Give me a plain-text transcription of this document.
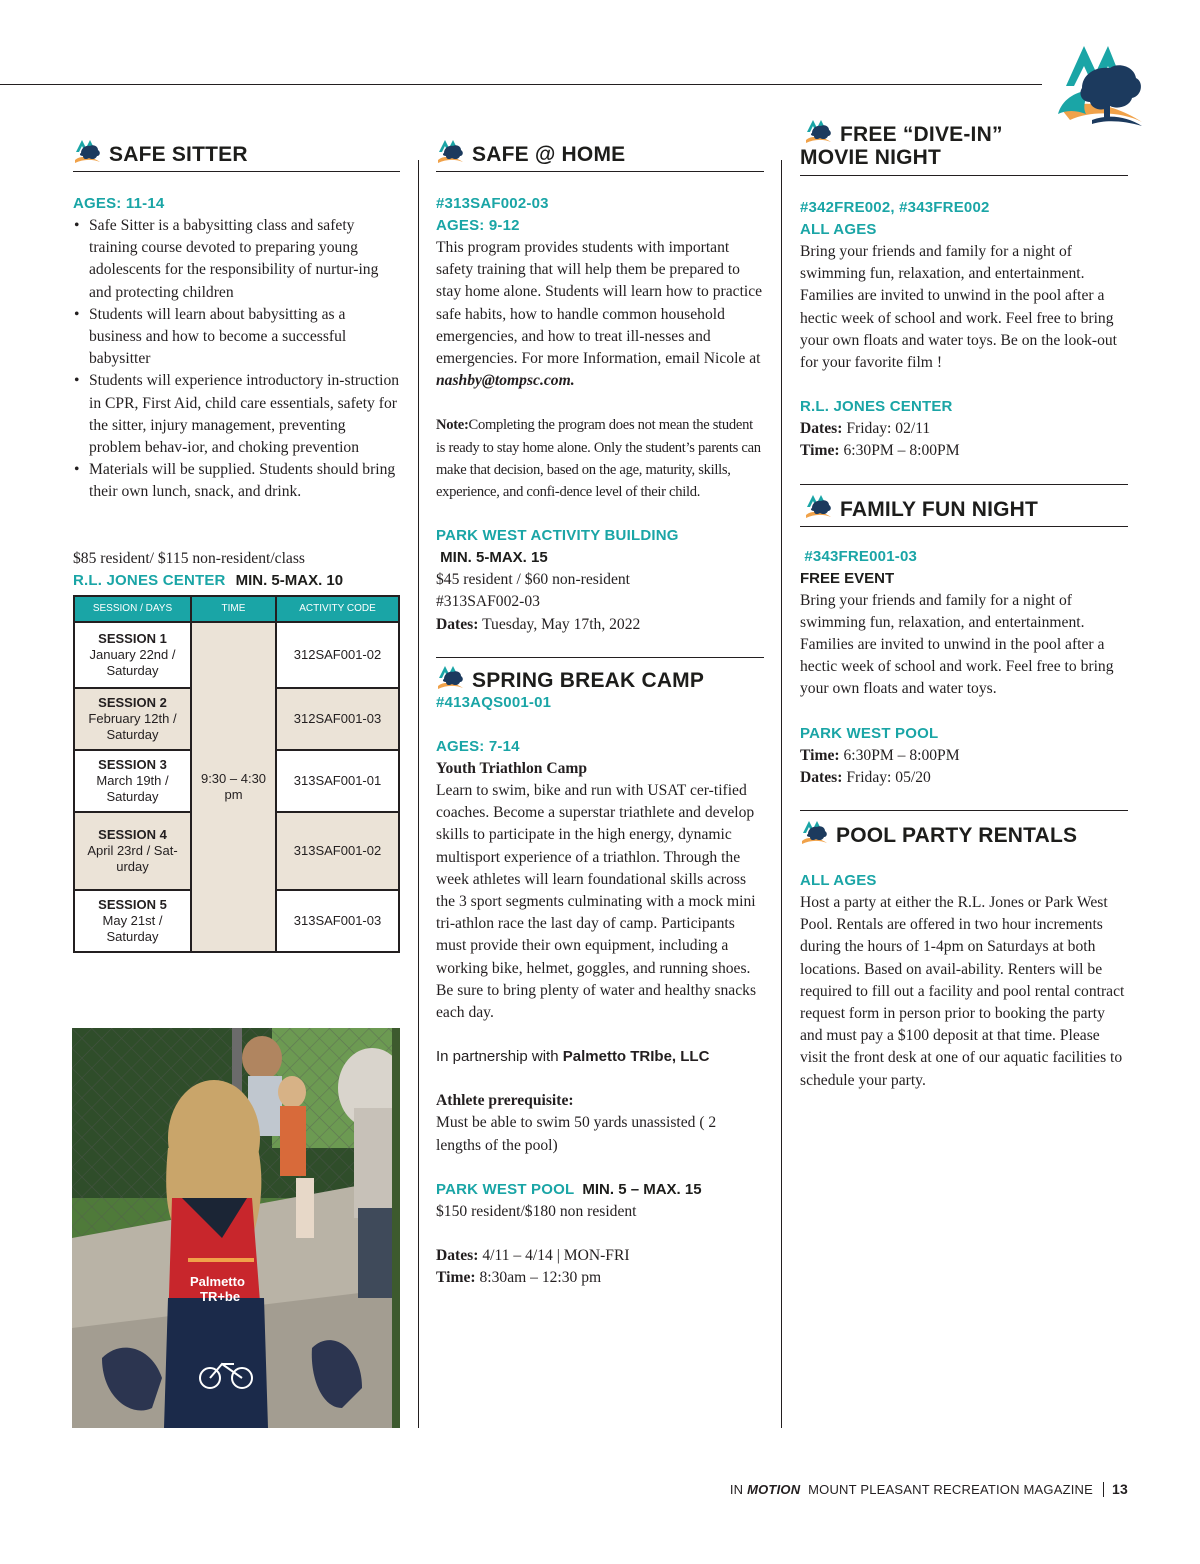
SAFE SITTER
AGES: 11-14
• Safe Sitter is a babysitting class and safety training course devoted to preparing young adolescents for the responsibility of nurtur-ing and protecting children
• Students will learn about babysitting as a business and how to become a successful babysitter
• Students will experience introductory in-struction in CPR, First Aid, child care essentials, safety for the sitter, injury management, preventing problem behav-ior, and choking prevention
• Materials will be supplied. Students should bring their own lunch, snack, and drink.

$85 resident/ $115 non-resident/class

R.L. JONES CENTER MIN. 5-MAX. 10
SESSION / DAYS	TIME	ACTIVITY CODE

SESSION 1
January 22nd / Saturday	9:30 – 4:30 pm	312SAF001-02

SESSION 2
February 12th / Saturday		312SAF001-03

SESSION 3
March 19th / Saturday		313SAF001-01

SESSION 4
April 23rd / Sat-urday		313SAF001-02

SESSION 5
May 21st / Saturday		313SAF001-03
Palmetto
TR+be
SAFE @ HOME
#313SAF002-03
AGES: 9-12

This program provides students with important safety training that will help them be prepared to stay home alone. Students will learn how to practice safe habits, how to handle common household emergencies, and how to treat ill-nesses and emergencies. For more Information, email Nicole at nashby@tompsc.com.

Note:Completing the program does not mean the student is ready to stay home alone. Only the student’s parents can make that decision, based on the age, maturity, skills, experience, and confi-dence level of their child.

PARK WEST ACTIVITY BUILDING
MIN. 5-MAX. 15

$45 resident / $60 non-resident

#313SAF002-03

Dates: Tuesday, May 17th, 2022

SPRING BREAK CAMP
#413AQS001-01
AGES: 7-14

Youth Triathlon Camp

Learn to swim, bike and run with USAT cer-tified coaches. Become a superstar triathlete and develop skills to participate in the high energy, dynamic multisport experience of a triathlon. Through the week athletes will learn foundational skills across the 3 sport segments culminating with a mock mini tri-athlon race the last day of camp. Participants must provide their own equipment, including a working bike, helmet, goggles, and running shoes. Be sure to bring plenty of water and healthy snacks each day.

In partnership with Palmetto TRIbe, LLC

Athlete prerequisite:

Must be able to swim 50 yards unassisted ( 2 lengths of the pool)

PARK WEST POOL MIN. 5 – MAX. 15

$150 resident/$180 non resident

Dates: 4/11 – 4/14 | MON-FRI

Time: 8:30am – 12:30 pm

FREE “DIVE-IN”
MOVIE NIGHT
#342FRE002, #343FRE002
ALL AGES

Bring your friends and family for a night of swimming fun, relaxation, and entertainment. Families are invited to unwind in the pool after a hectic week of school and work. Feel free to bring your own floats and water toys. Be on the look-out for your favorite film !

R.L. JONES CENTER

Dates: Friday: 02/11

Time: 6:30PM – 8:00PM

FAMILY FUN NIGHT
#343FRE001-03
FREE EVENT

Bring your friends and family for a night of swimming fun, relaxation, and entertainment. Families are invited to unwind in the pool after a hectic week of school and work. Feel free to bring your own floats and water toys.

PARK WEST POOL

Time: 6:30PM – 8:00PM

Dates: Friday: 05/20

POOL PARTY RENTALS
ALL AGES

Host a party at either the R.L. Jones or Park West Pool. Rentals are offered in two hour increments during the hours of 1-4pm on Saturdays at both locations. Based on avail-ability. Renters will be required to fill out a facility and pool rental contract request form in person prior to booking the party and must pay a $100 deposit at that time. Please visit the front desk at one of our aquatic facilities to schedule your party.

IN MOTION MOUNT PLEASANT RECREATION MAGAZINE 13
